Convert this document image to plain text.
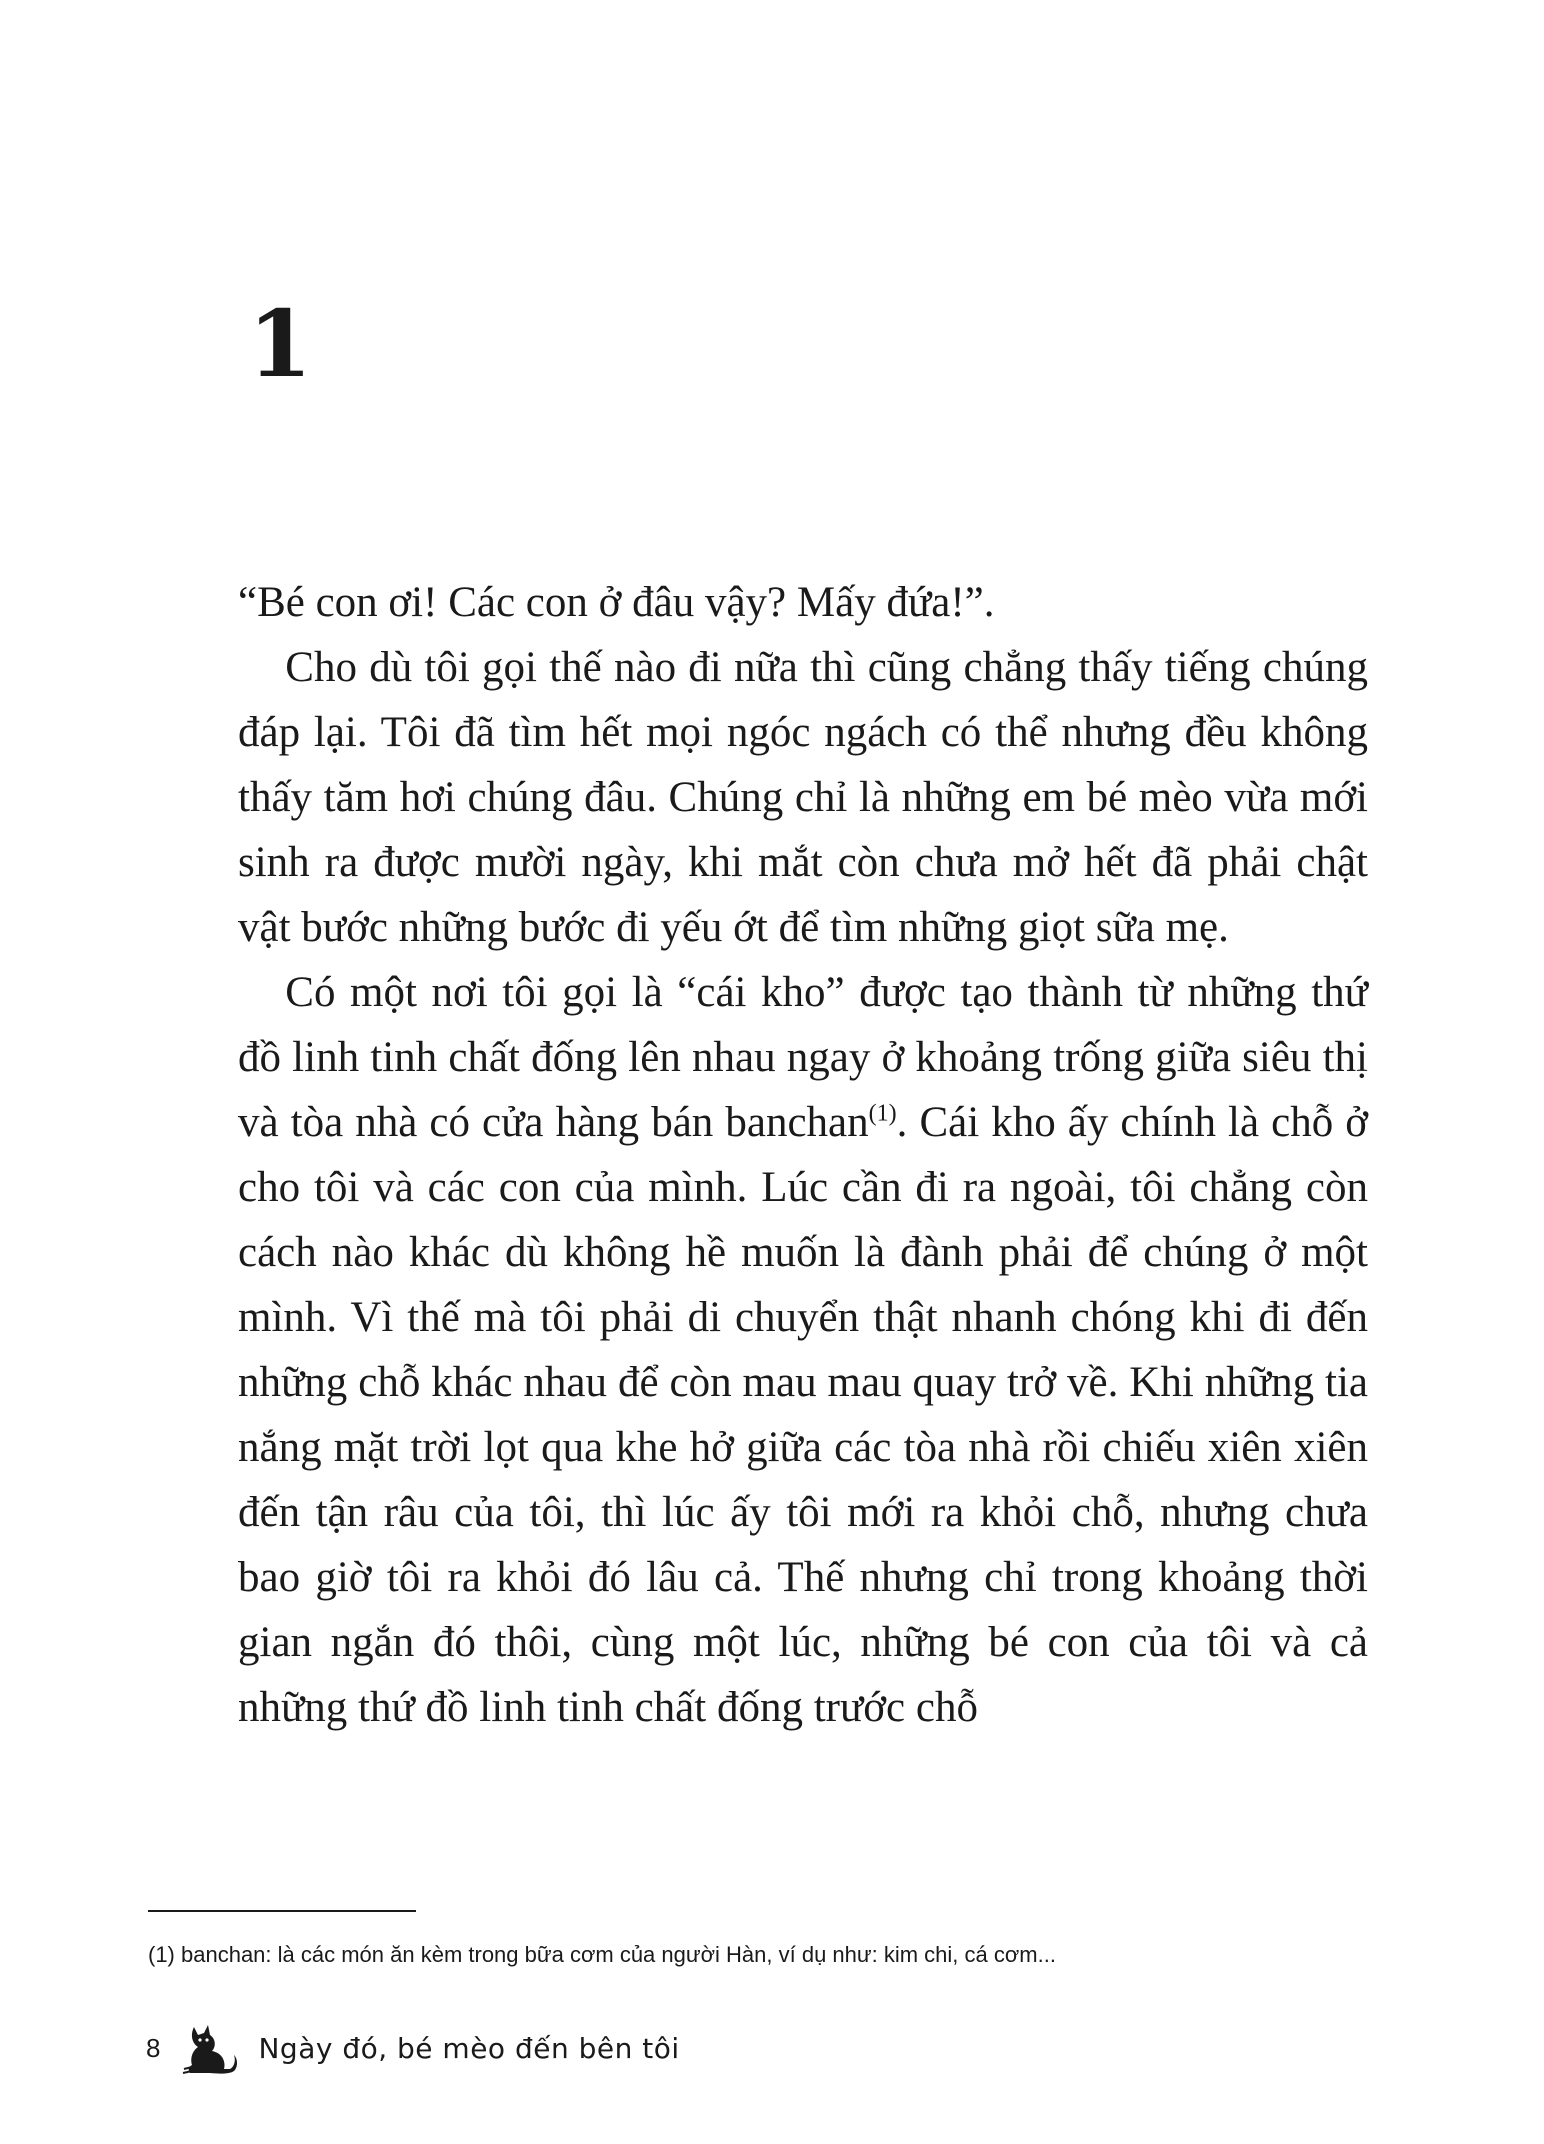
1

“Bé con ơi! Các con ở đâu vậy? Mấy đứa!”.

Cho dù tôi gọi thế nào đi nữa thì cũng chẳng thấy tiếng chúng đáp lại. Tôi đã tìm hết mọi ngóc ngách có thể nhưng đều không thấy tăm hơi chúng đâu. Chúng chỉ là những em bé mèo vừa mới sinh ra được mười ngày, khi mắt còn chưa mở hết đã phải chật vật bước những bước đi yếu ớt để tìm những giọt sữa mẹ.

Có một nơi tôi gọi là “cái kho” được tạo thành từ những thứ đồ linh tinh chất đống lên nhau ngay ở khoảng trống giữa siêu thị và tòa nhà có cửa hàng bán banchan$^{(1)}$. Cái kho ấy chính là chỗ ở cho tôi và các con của mình. Lúc cần đi ra ngoài, tôi chẳng còn cách nào khác dù không hề muốn là đành phải để chúng ở một mình. Vì thế mà tôi phải di chuyển thật nhanh chóng khi đi đến những chỗ khác nhau để còn mau mau quay trở về. Khi những tia nắng mặt trời lọt qua khe hở giữa các tòa nhà rồi chiếu xiên xiên đến tận râu của tôi, thì lúc ấy tôi mới ra khỏi chỗ, nhưng chưa bao giờ tôi ra khỏi đó lâu cả. Thế nhưng chỉ trong khoảng thời gian ngắn đó thôi, cùng một lúc, những bé con của tôi và cả những thứ đồ linh tinh chất đống trước chỗ

(1) banchan: là các món ăn kèm trong bữa cơm của người Hàn, ví dụ như: kim chi, cá cơm...
8	Ngày đó, bé mèo đến bên tôi
